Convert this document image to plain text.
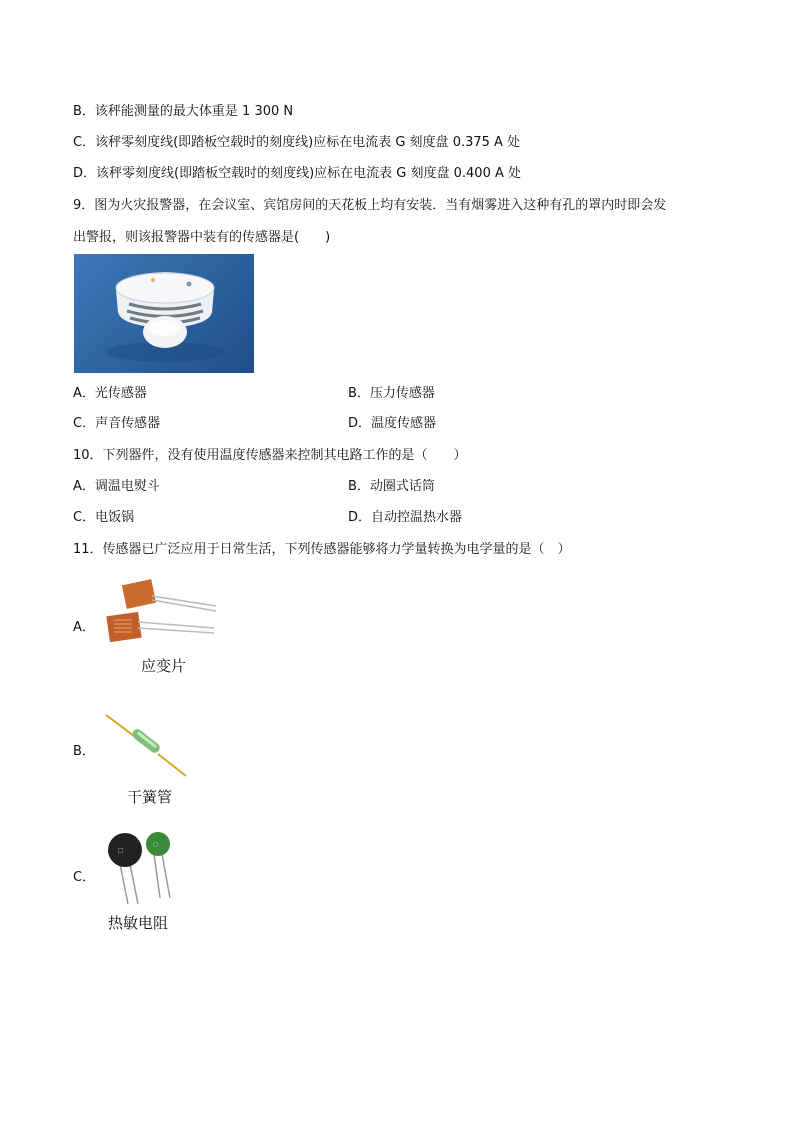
B．该秤能测量的最大体重是 1 300 N
C．该秤零刻度线(即踏板空载时的刻度线)应标在电流表 G 刻度盘 0.375 A 处
D．该秤零刻度线(即踏板空载时的刻度线)应标在电流表 G 刻度盘 0.400 A 处
9．图为火灾报警器，在会议室、宾馆房间的天花板上均有安装．当有烟雾进入这种有孔的罩内时即会发
出警报，则该报警器中装有的传感器是(　　)
A．光传感器	B．压力传感器
C．声音传感器	D．温度传感器
10．下列器件，没有使用温度传感器来控制其电路工作的是（　　）
A．调温电熨斗	B．动圈式话筒
C．电饭锅	D．自动控温热水器
11．传感器已广泛应用于日常生活，下列传感器能够将力学量转换为电学量的是（　）
A．
应变片
B．
干簧管
C．
□
□
热敏电阻
